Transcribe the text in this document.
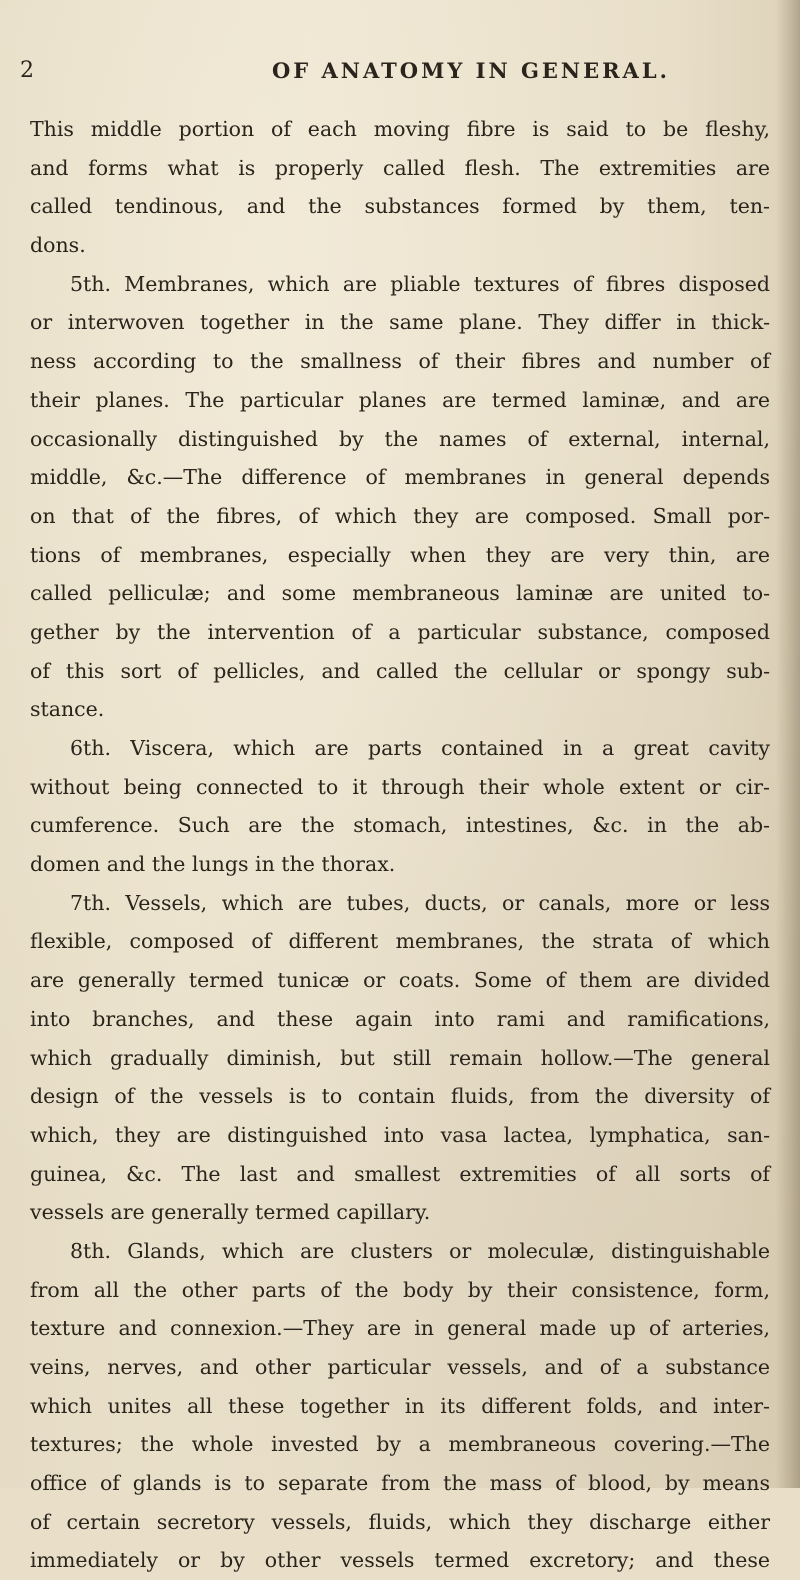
2	OF ANATOMY IN GENERAL.
This middle portion of each moving fibre is said to be fleshy,
and forms what is properly called flesh. The extremities are
called tendinous, and the substances formed by them, ten-
dons.
5th. Membranes, which are pliable textures of fibres disposed
or interwoven together in the same plane. They differ in thick-
ness according to the smallness of their fibres and number of
their planes. The particular planes are termed laminæ, and are
occasionally distinguished by the names of external, internal,
middle, &c.—The difference of membranes in general depends
on that of the fibres, of which they are composed. Small por-
tions of membranes, especially when they are very thin, are
called pelliculæ; and some membraneous laminæ are united to-
gether by the intervention of a particular substance, composed
of this sort of pellicles, and called the cellular or spongy sub-
stance.
6th. Viscera, which are parts contained in a great cavity
without being connected to it through their whole extent or cir-
cumference. Such are the stomach, intestines, &c. in the ab-
domen and the lungs in the thorax.
7th. Vessels, which are tubes, ducts, or canals, more or less
flexible, composed of different membranes, the strata of which
are generally termed tunicæ or coats. Some of them are divided
into branches, and these again into rami and ramifications,
which gradually diminish, but still remain hollow.—The general
design of the vessels is to contain fluids, from the diversity of
which, they are distinguished into vasa lactea, lymphatica, san-
guinea, &c. The last and smallest extremities of all sorts of
vessels are generally termed capillary.
8th. Glands, which are clusters or moleculæ, distinguishable
from all the other parts of the body by their consistence, form,
texture and connexion.—They are in general made up of arteries,
veins, nerves, and other particular vessels, and of a substance
which unites all these together in its different folds, and inter-
textures; the whole invested by a membraneous covering.—The
office of glands is to separate from the mass of blood, by means
of certain secretory vessels, fluids, which they discharge either
immediately or by other vessels termed excretory; and these
